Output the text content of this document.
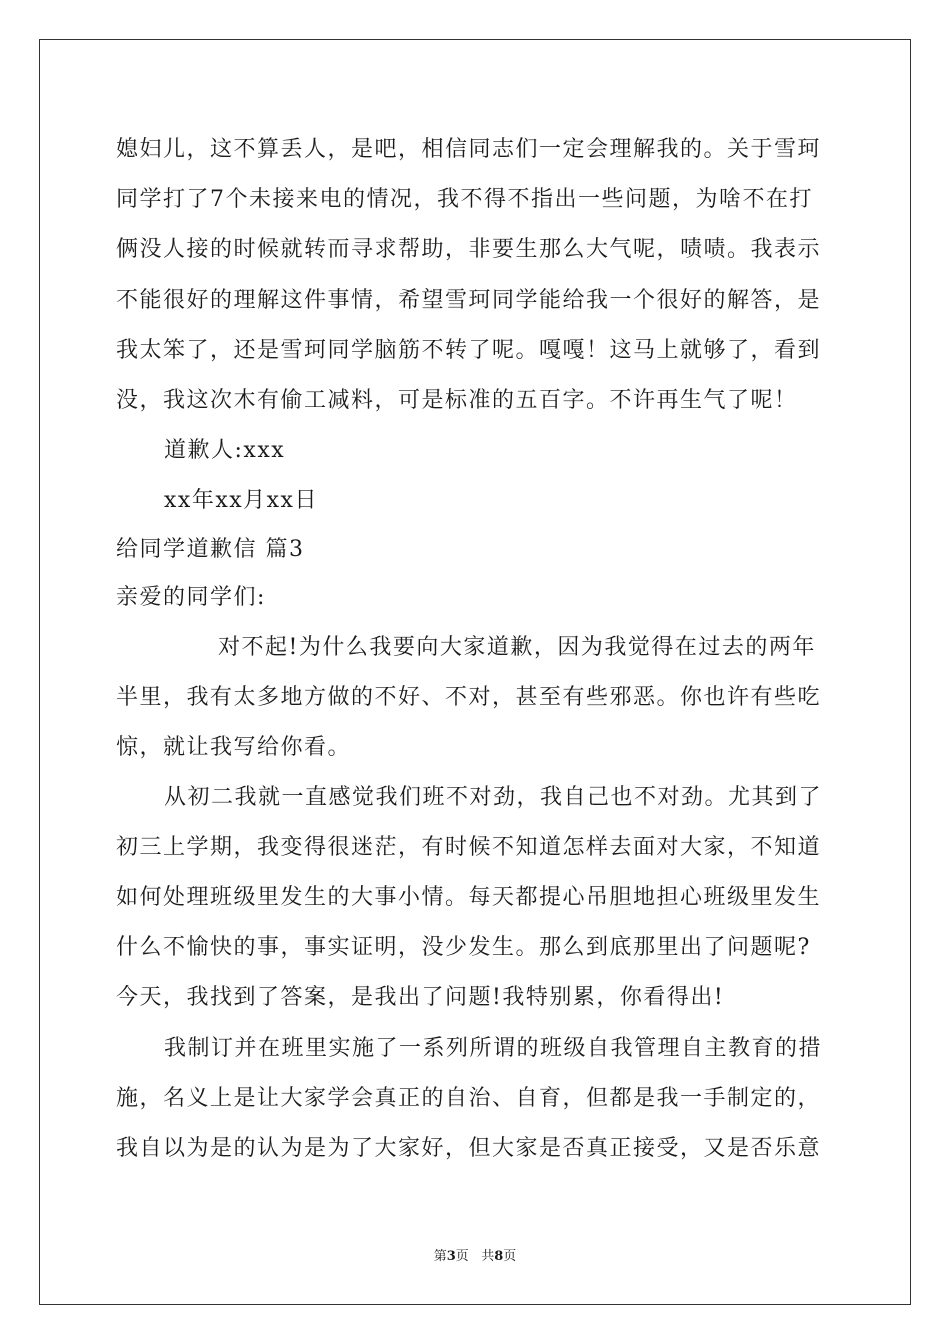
媳妇儿，这不算丢人，是吧，相信同志们一定会理解我的。关于雪珂
同学打了7个未接来电的情况，我不得不指出一些问题，为啥不在打
俩没人接的时候就转而寻求帮助，非要生那么大气呢，啧啧。我表示
不能很好的理解这件事情，希望雪珂同学能给我一个很好的解答，是
我太笨了，还是雪珂同学脑筋不转了呢。嘎嘎！这马上就够了，看到
没，我这次木有偷工减料，可是标准的五百字。不许再生气了呢！
道歉人:xxx
xx年xx月xx日
给同学道歉信 篇3
亲爱的同学们:
对不起!为什么我要向大家道歉，因为我觉得在过去的两年
半里，我有太多地方做的不好、不对，甚至有些邪恶。你也许有些吃
惊，就让我写给你看。
从初二我就一直感觉我们班不对劲，我自己也不对劲。尤其到了
初三上学期，我变得很迷茫，有时候不知道怎样去面对大家，不知道
如何处理班级里发生的大事小情。每天都提心吊胆地担心班级里发生
什么不愉快的事，事实证明，没少发生。那么到底那里出了问题呢?
今天，我找到了答案，是我出了问题!我特别累，你看得出!
我制订并在班里实施了一系列所谓的班级自我管理自主教育的措
施，名义上是让大家学会真正的自治、自育，但都是我一手制定的，
我自以为是的认为是为了大家好，但大家是否真正接受，又是否乐意
第3页 共8页
